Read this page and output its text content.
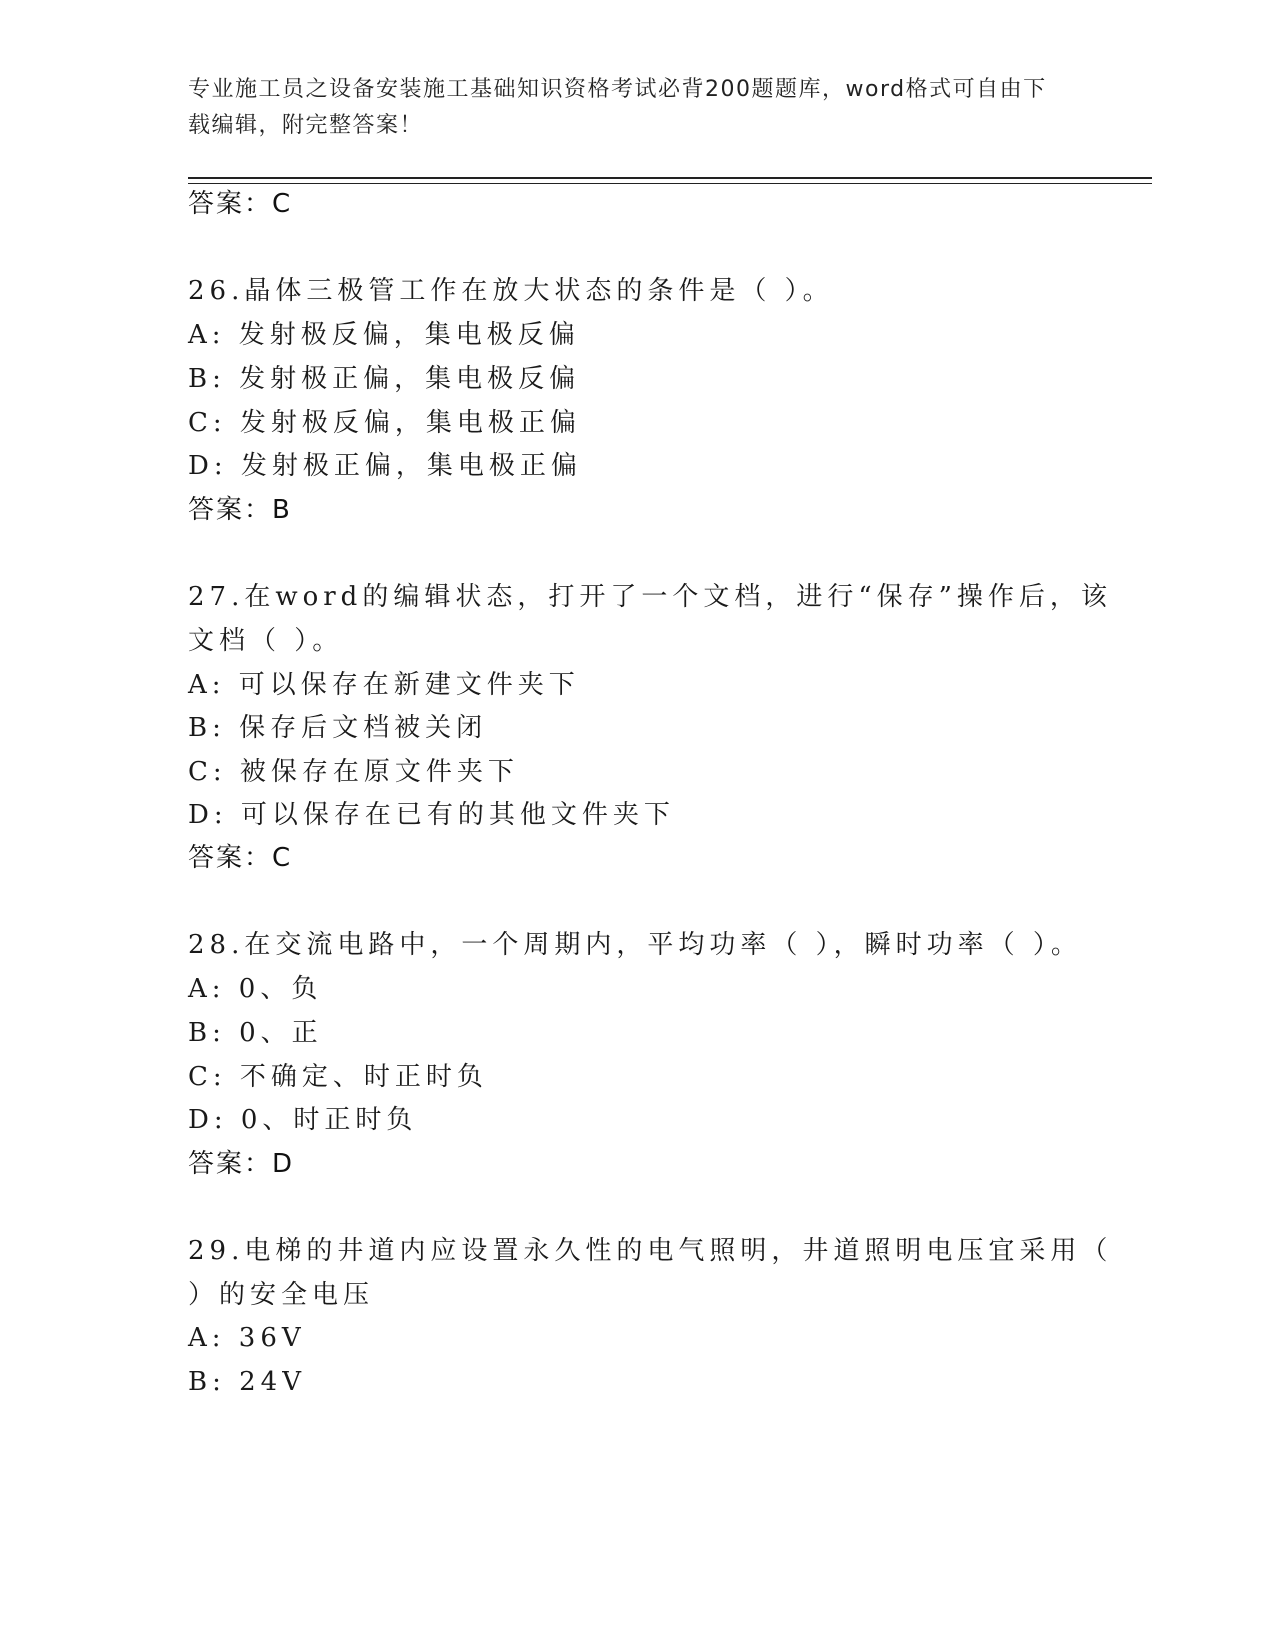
专业施工员之设备安装施工基础知识资格考试必背200题题库，word格式可自由下载编辑，附完整答案！
答案：C
26.晶体三极管工作在放大状态的条件是（ ）。
A: 发射极反偏，集电极反偏
B: 发射极正偏，集电极反偏
C: 发射极反偏，集电极正偏
D: 发射极正偏，集电极正偏
答案：B
27.在word的编辑状态，打开了一个文档，进行“保存”操作后，该
文档（ ）。
A: 可以保存在新建文件夹下
B: 保存后文档被关闭
C: 被保存在原文件夹下
D: 可以保存在已有的其他文件夹下
答案：C
28.在交流电路中，一个周期内，平均功率（ ），瞬时功率（ ）。
A: 0、负
B: 0、正
C: 不确定、时正时负
D: 0、时正时负
答案：D
29.电梯的井道内应设置永久性的电气照明，井道照明电压宜采用（
）的安全电压
A: 36V
B: 24V
